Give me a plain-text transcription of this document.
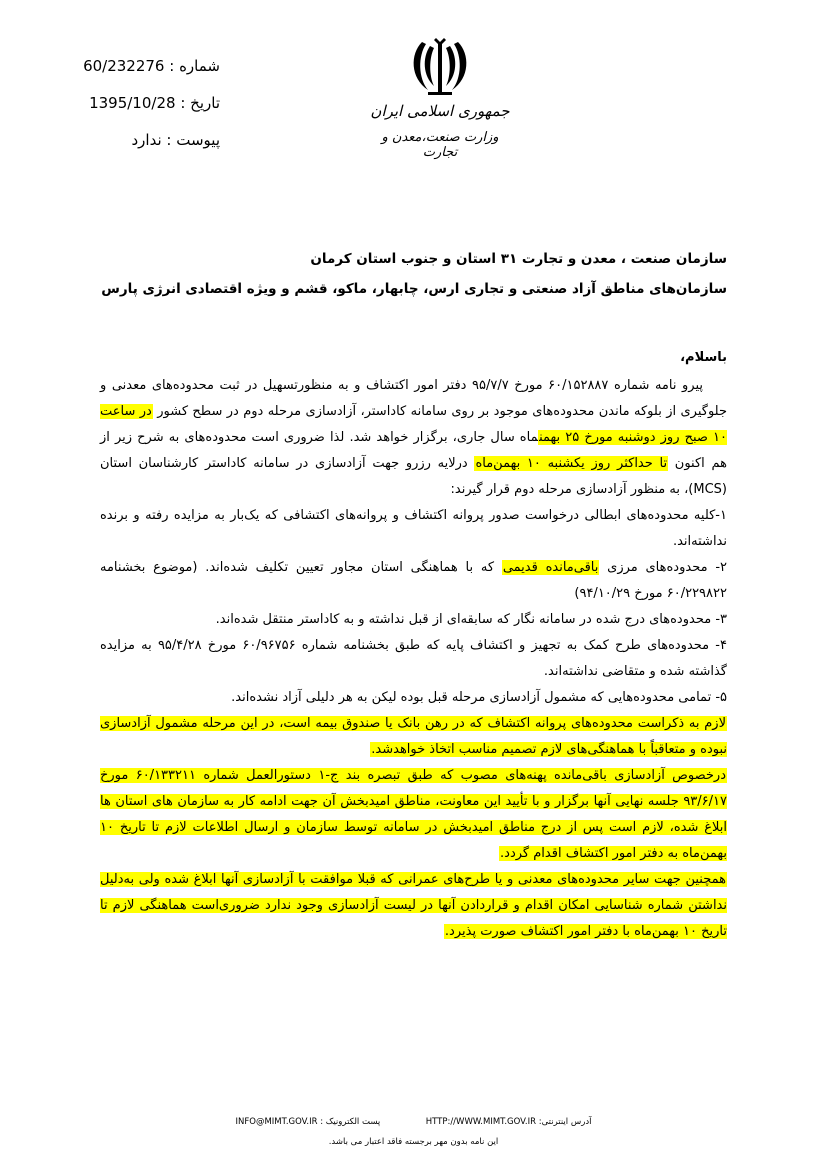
شماره : 60/232276
تاریخ : 1395/10/28
پیوست : ندارد
جمهوری اسلامی ایران
وزارت صنعت،معدن و تجارت
سازمان صنعت ، معدن و تجارت ۳۱ استان و جنوب استان کرمان
سازمان‌های مناطق آزاد صنعتی و تجاری ارس، چابهار، ماکو، قشم و ویژه اقتصادی انرژی پارس

باسلام،

پیرو نامه شماره ۶۰/۱۵۲۸۸۷ مورخ ۹۵/۷/۷ دفتر امور اکتشاف و به منظورتسهیل در ثبت محدوده‌های معدنی و جلوگیری از بلوکه ماندن محدوده‌های موجود بر روی سامانه کاداستر، آزادسازی مرحله دوم در سطح کشور در ساعت ۱۰ صبح روز دوشنبه مورخ ۲۵ بهمنماه سال جاری، برگزار خواهد شد. لذا ضروری است محدوده‌های به شرح زیر از هم اکنون تا حداکثر روز یکشنبه ۱۰ بهمن‌ماه درلایه رزرو جهت آزادسازی در سامانه کاداستر کارشناسان استان (MCS)، به منظور آزادسازی مرحله دوم قرار گیرند:

۱-کلیه محدوده‌های ابطالی درخواست صدور پروانه اکتشاف و پروانه‌های اکتشافی که یک‌بار به مزایده رفته و برنده نداشته‌اند.

۲- محدوده‌های مرزی باقی‌مانده قدیمی که با هماهنگی استان مجاور تعیین تکلیف شده‌اند. (موضوع بخشنامه ۶۰/۲۲۹۸۲۲ مورخ ۹۴/۱۰/۲۹)

۳- محدوده‌های درج شده در سامانه نگار که سابقه‌ای از قبل نداشته و به کاداستر منتقل شده‌اند.

۴- محدوده‌های طرح کمک به تجهیز و اکتشاف پایه که طبق بخشنامه شماره ۶۰/۹۶۷۵۶ مورخ ۹۵/۴/۲۸ به مزایده گذاشته شده و متقاضی نداشته‌اند.

۵- تمامی محدوده‌هایی که مشمول آزادسازی مرحله قبل بوده لیکن به هر دلیلی آزاد نشده‌اند.

لازم به ذکراست محدوده‌های پروانه اکتشاف که در رهن بانک یا صندوق بیمه است، در این مرحله مشمول آزادسازی نبوده و متعاقباً با هماهنگی‌های لازم تصمیم مناسب اتخاذ خواهدشد.

درخصوص آزادسازی باقی‌مانده پهنه‌های مصوب که طبق تبصره بند ج-۱ دستورالعمل شماره ۶۰/۱۳۳۲۱۱ مورخ ۹۳/۶/۱۷ جلسه نهایی آنها برگزار و با تأیید این معاونت، مناطق امیدبخش آن جهت ادامه کار به سازمان های استان ها ابلاغ شده، لازم است پس از درج مناطق امیدبخش در سامانه توسط سازمان و ارسال اطلاعات لازم تا تاریخ ۱۰ بهمن‌ماه به دفتر امور اکتشاف اقدام گردد.

همچنین جهت سایر محدوده‌های معدنی و یا طرح‌های عمرانی که قبلا موافقت با آزادسازی آنها ابلاغ شده ولی به‌دلیل نداشتن شماره شناسایی امکان اقدام و قراردادن آنها در لیست آزادسازی وجود ندارد ضروری‌است هماهنگی لازم تا تاریخ ۱۰ بهمن‌ماه با دفتر امور اکتشاف صورت پذیرد.

آدرس اینترنتی: HTTP://WWW.MIMT.GOV.IR  پست الکترونیک : INFO@MIMT.GOV.IR
این نامه بدون مهر برجسته فاقد اعتبار می باشد.
